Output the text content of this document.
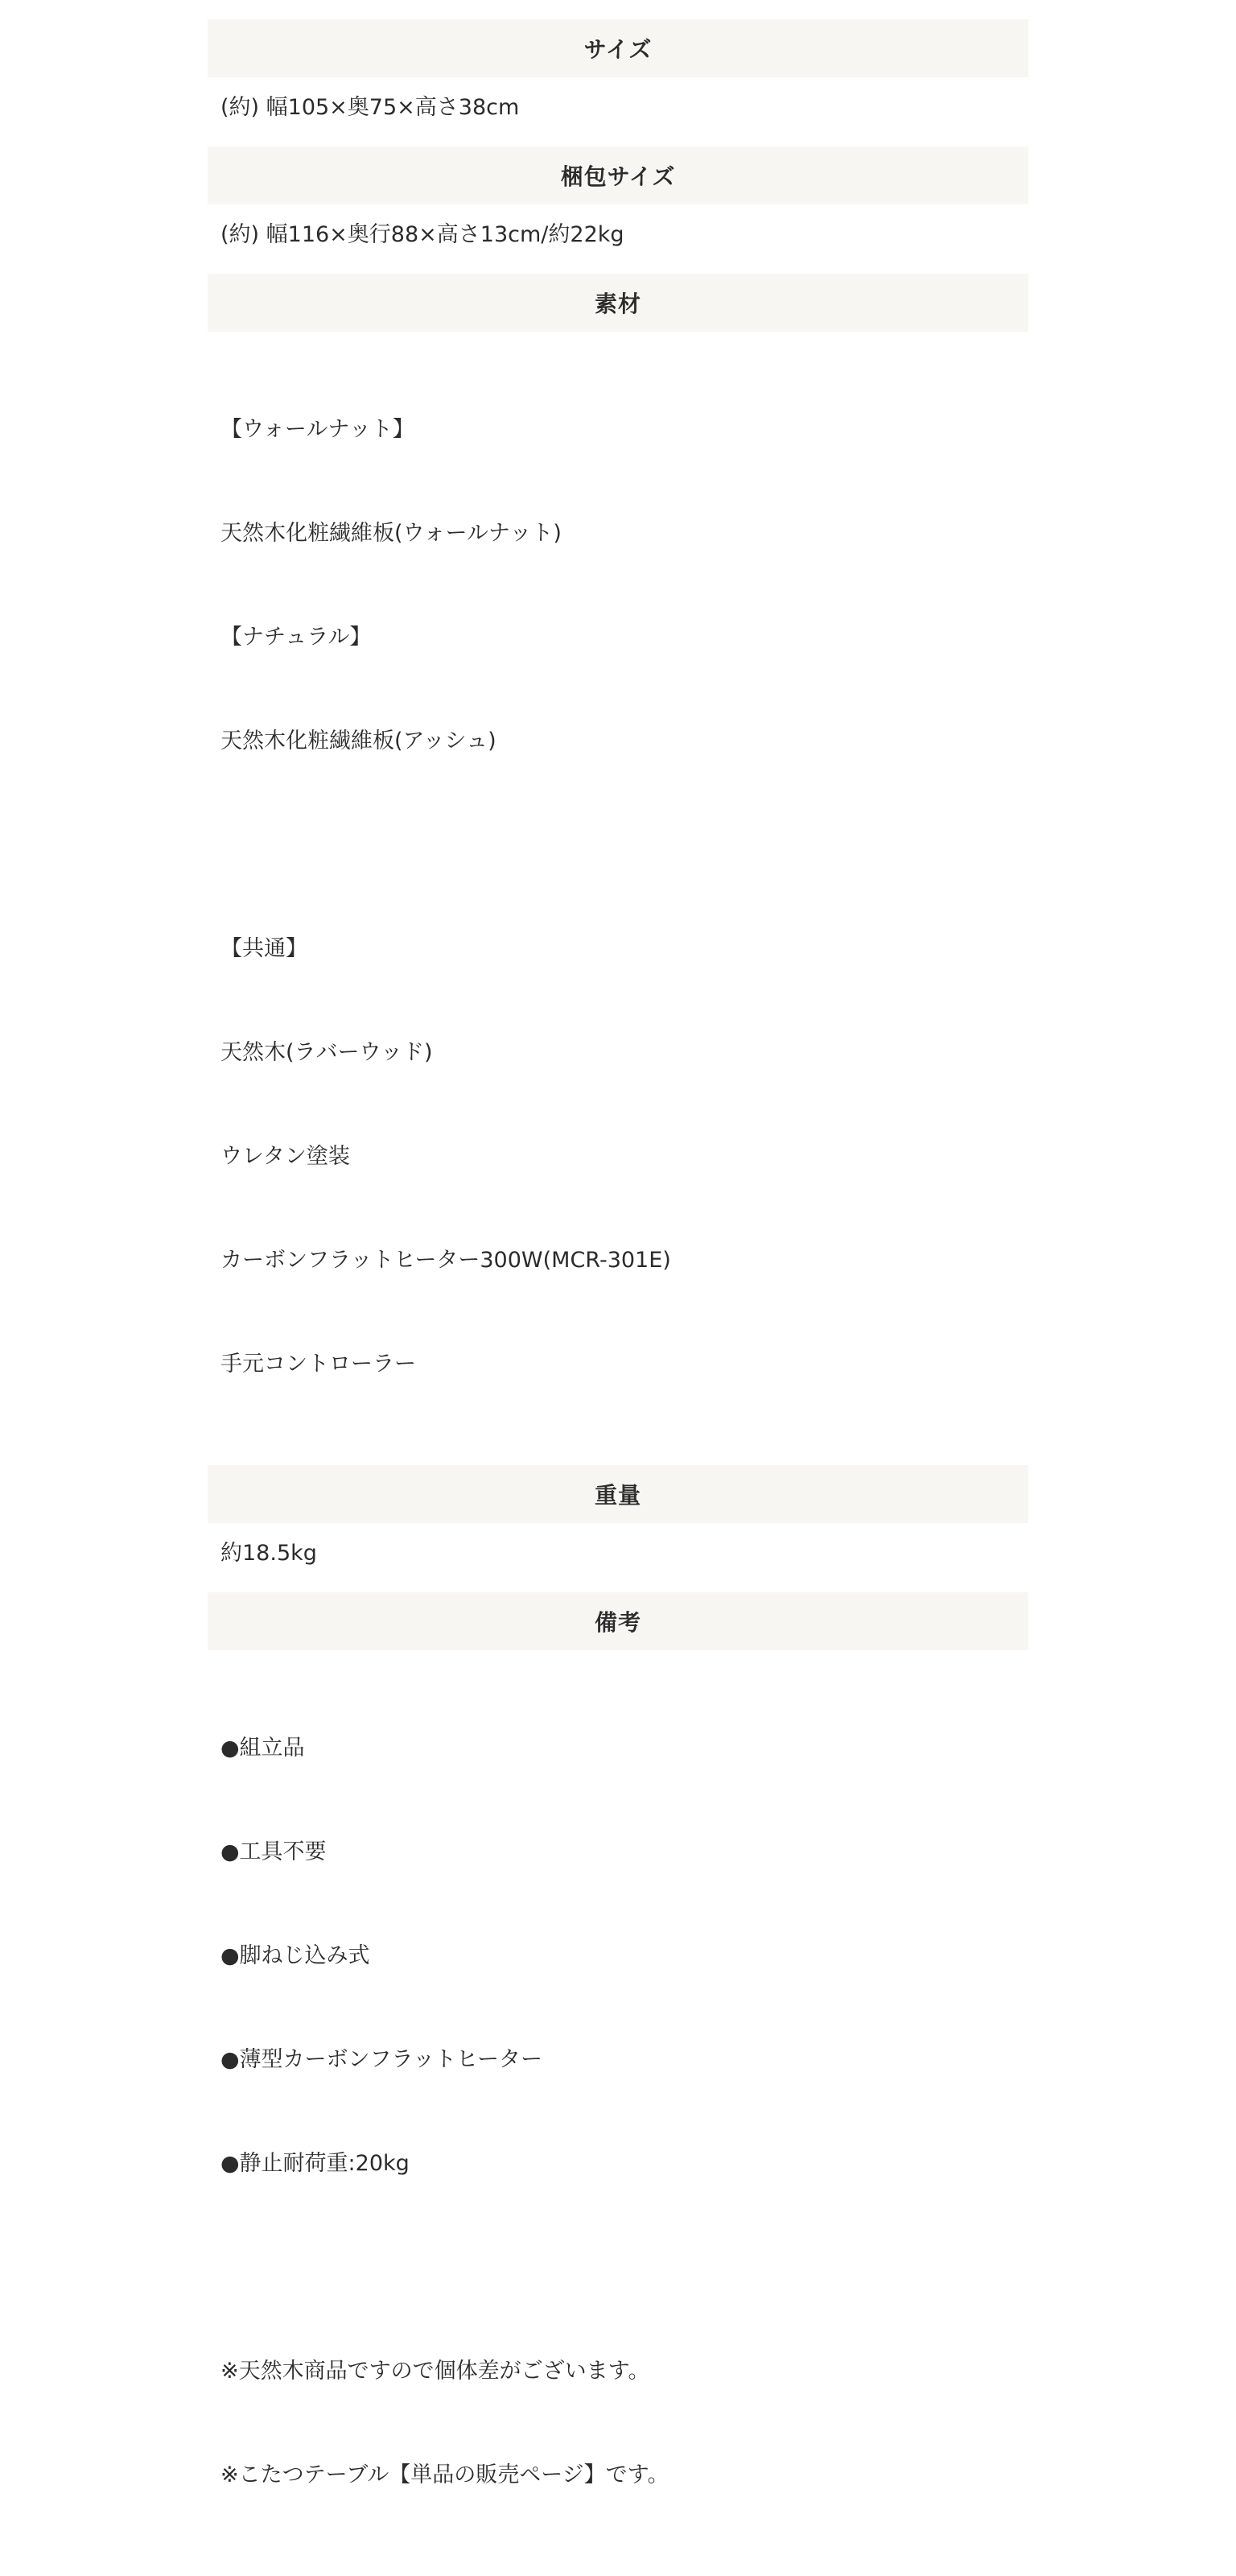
サイズ
(約) 幅105×奥75×高さ38cm
梱包サイズ
(約) 幅116×奥行88×高さ13cm/約22kg
素材

【ウォールナット】

天然木化粧繊維板(ウォールナット)

【ナチュラル】

天然木化粧繊維板(アッシュ)

【共通】

天然木(ラバーウッド)

ウレタン塗装

カーボンフラットヒーター300W(MCR-301E)

手元コントローラー

重量
約18.5kg
備考

●組立品

●工具不要

●脚ねじ込み式

●薄型カーボンフラットヒーター

●静止耐荷重:20kg

※天然木商品ですので個体差がございます。

※こたつテーブル【単品の販売ページ】です。
